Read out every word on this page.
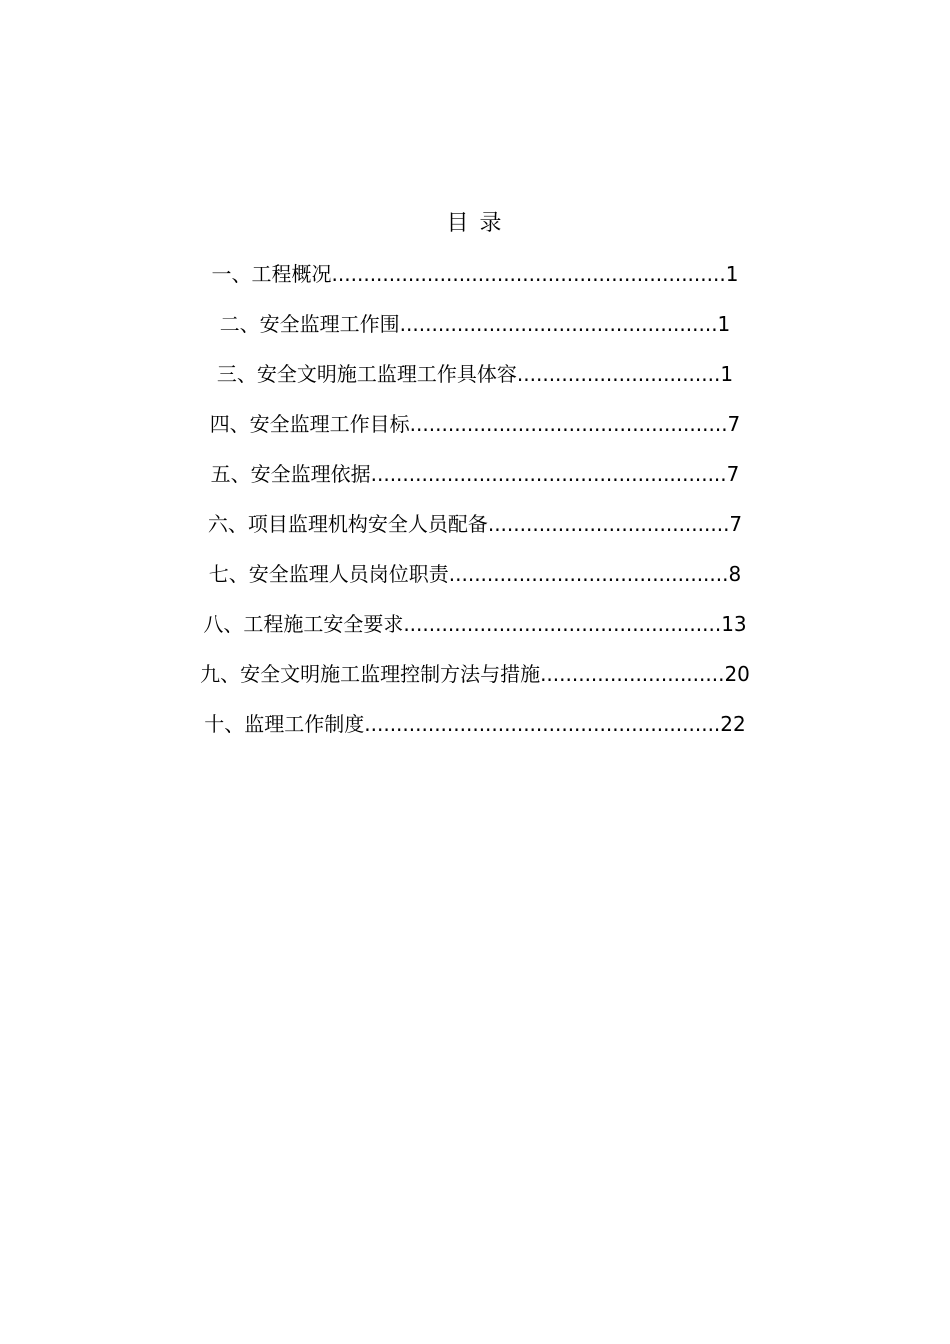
目 录
一、工程概况..............................................................1
二、安全监理工作围..................................................1
三、安全文明施工监理工作具体容................................1
四、安全监理工作目标..................................................7
五、安全监理依据........................................................7
六、项目监理机构安全人员配备......................................7
七、安全监理人员岗位职责............................................8
八、工程施工安全要求..................................................13
九、安全文明施工监理控制方法与措施.............................20
十、监理工作制度........................................................22
